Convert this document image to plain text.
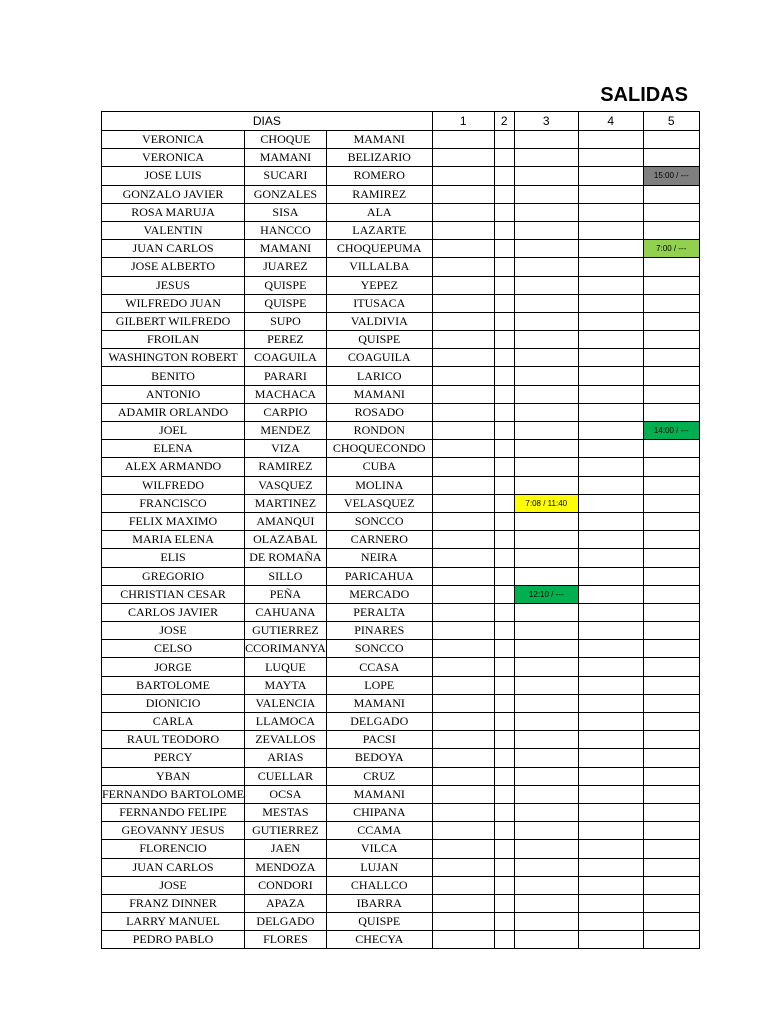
SALIDAS
DIAS			1	2	3	4	5
VERONICA	CHOQUE	MAMANI					
VERONICA	MAMANI	BELIZARIO					
JOSE LUIS	SUCARI	ROMERO					15:00 / ---
GONZALO JAVIER	GONZALES	RAMIREZ					
ROSA MARUJA	SISA	ALA					
VALENTIN	HANCCO	LAZARTE					
JUAN CARLOS	MAMANI	CHOQUEPUMA					7:00 / ---
JOSE ALBERTO	JUAREZ	VILLALBA					
JESUS	QUISPE	YEPEZ					
WILFREDO JUAN	QUISPE	ITUSACA					
GILBERT WILFREDO	SUPO	VALDIVIA					
FROILAN	PEREZ	QUISPE					
WASHINGTON ROBERT	COAGUILA	COAGUILA					
BENITO	PARARI	LARICO					
ANTONIO	MACHACA	MAMANI					
ADAMIR ORLANDO	CARPIO	ROSADO					
JOEL	MENDEZ	RONDON					14:00 / ---
ELENA	VIZA	CHOQUECONDO					
ALEX ARMANDO	RAMIREZ	CUBA					
WILFREDO	VASQUEZ	MOLINA					
FRANCISCO	MARTINEZ	VELASQUEZ			7:08 / 11:40		
FELIX MAXIMO	AMANQUI	SONCCO					
MARIA ELENA	OLAZABAL	CARNERO					
ELIS	DE ROMAÑA	NEIRA					
GREGORIO	SILLO	PARICAHUA					
CHRISTIAN CESAR	PEÑA	MERCADO			12:10 / ---		
CARLOS JAVIER	CAHUANA	PERALTA					
JOSE	GUTIERREZ	PINARES					
CELSO	CCORIMANYA	SONCCO					
JORGE	LUQUE	CCASA					
BARTOLOME	MAYTA	LOPE					
DIONICIO	VALENCIA	MAMANI					
CARLA	LLAMOCA	DELGADO					
RAUL TEODORO	ZEVALLOS	PACSI					
PERCY	ARIAS	BEDOYA					
YBAN	CUELLAR	CRUZ					
FERNANDO BARTOLOME	OCSA	MAMANI					
FERNANDO FELIPE	MESTAS	CHIPANA					
GEOVANNY JESUS	GUTIERREZ	CCAMA					
FLORENCIO	JAEN	VILCA					
JUAN CARLOS	MENDOZA	LUJAN					
JOSE	CONDORI	CHALLCO					
FRANZ DINNER	APAZA	IBARRA					
LARRY MANUEL	DELGADO	QUISPE					
PEDRO PABLO	FLORES	CHECYA					
